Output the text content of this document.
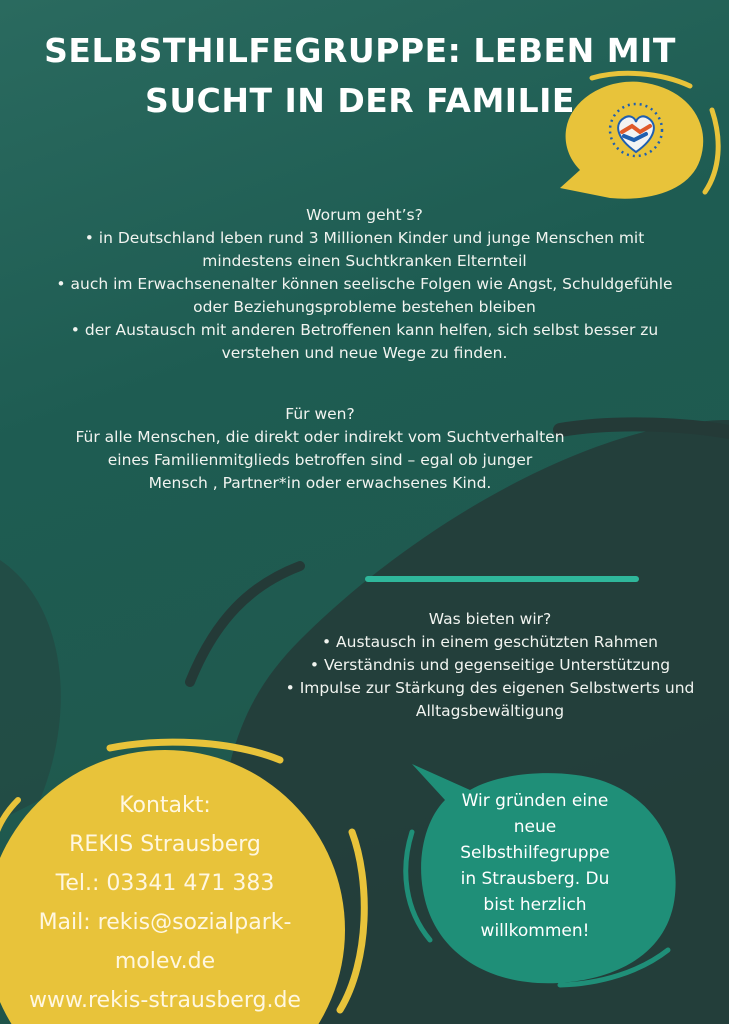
SELBSTHILFEGRUPPE: LEBEN MIT
SUCHT IN DER FAMILIE
Worum geht’s?
• in Deutschland leben rund 3 Millionen Kinder und junge Menschen mit
mindestens einen Suchtkranken Elternteil
• auch im Erwachsenenalter können seelische Folgen wie Angst, Schuldgefühle
oder Beziehungsprobleme bestehen bleiben
• der Austausch mit anderen Betroffenen kann helfen, sich selbst besser zu
verstehen und neue Wege zu finden.
Für wen?
Für alle Menschen, die direkt oder indirekt vom Suchtverhalten
eines Familienmitglieds betroffen sind – egal ob junger
Mensch , Partner*in oder erwachsenes Kind.
Was bieten wir?
• Austausch in einem geschützten Rahmen
• Verständnis und gegenseitige Unterstützung
• Impulse zur Stärkung des eigenen Selbstwerts und
Alltagsbewältigung
Kontakt:
REKIS Strausberg
Tel.: 03341 471 383
Mail: rekis@sozialpark-
molev.de
www.rekis-strausberg.de
Wir gründen eine neue Selbsthilfegruppe in Strausberg. Du bist herzlich willkommen!
